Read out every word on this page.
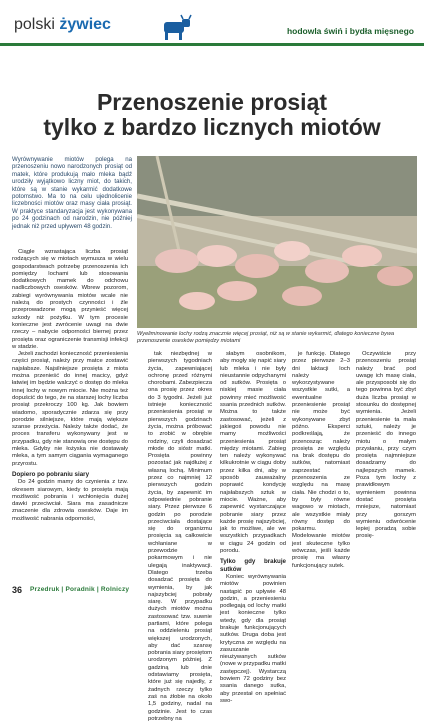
polski żywiec	hodowla świń i bydła mięsnego
Przenoszenie prosiąt
tylko z bardzo licznych miotów
Wyrównywanie miotów polega na przenoszeniu nowo narodzonych prosiąt od matek, które produkują mało mleka bądź urodziły wyjątkowo liczny miot, do takich, które są w stanie wykarmić dodatkowe potomstwo. Ma to na celu ujednolicenie liczebności miotów oraz masy ciała prosiąt. W praktyce standaryzacja jest wykonywana po 24 godzinach od narodzin, nie później jednak niż przed upływem 48 godzin.
Wyeliminowanie lochy rodzą znacznie więcej prosiąt, niż są w stanie wykarmić, dlatego konieczne bywa przenoszenie osesków pomiędzy miotami

Ciągle wzrastająca liczba prosiąt rodzących się w miotach wymusza w wielu gospodarstwach potrzebę przenoszenia ich pomiędzy lochami lub stosowania dodatkowych mamek do odchowu nadliczbowych osesków. Wbrew pozorom, zabiegi wyrównywania miotów wcale nie należą do prostych czynności i źle przeprowadzone mogą przynieść więcej szkody niż pożytku. W tym procesie konieczne jest zwrócenie uwagi na dwie rzeczy – nabycie odporności biernej przez prosięta oraz ograniczenie transmisji infekcji w stadzie.

Jeżeli zachodzi konieczność przeniesienia części prosiąt, należy przy matce zostawić najsłabsze. Najsilniejsze prosięta z miota można przenieść do innej macicy, gdyż łatwiej im będzie walczyć o dostęp do mleka innej lochy w nowym miocie. Nie można też dopuścić do tego, że na starszej lochy liczba prosiąt przekroczy 100 kg. Jak bowiem wiadomo, sporadycznie zdarza się przy porodzie silniejsze, które mają większe szanse przeżycia. Należy także dodać, że proces transferu wykonywany jest w przypadku, gdy nie stanowią one dostępu do mleka. Gdyby nie łożyska nie dostawały mleka, a tym samym ciągania wymaganego przyrostu.

Dopiero po pobraniu siary

Do 24 godzin mamy do czynienia z tzw. okresem siarowym, kiedy to prosięta mają możliwość pobrania i wchłonięcia dużej dawki przeciwciał. Siara ma zasadnicze znaczenie dla zdrowia osesków. Daje im możliwość nabrania odporności,

tak niezbędnej w pierwszych tygodniach życia, zapewniającej ochronę przed różnymi chorobami. Zabezpiecza ona prosię przez okres do 3 tygodni. Jeżeli już istnieje konieczność przeniesienia prosiąt w pierwszych godzinach życia, można próbować to zrobić w obrębie rodziny, czyli dosadzać młode do sióstr matki. Prosięta powinny pozostać jak najdłużej z własną lochą. Minimum przez co najmniej 12 pierwszych godzin życia, by zapewnić im odpowiednie pobranie siary. Przez pierwsze 6 godzin po porodzie przeciwciała dostające się do organizmu prosięcia są całkowicie wchłaniane w przewodzie pokarmowym i nie ulegają inaktywacji. Dlatego trzeba dosadzać prosięta do wymienia, by jak najszybciej pobrały siarę. W przypadku dużych miotów można zastosować tzw. suwnie partiami, które polega na oddzieleniu prosiąt większej urodzonych, aby dać szansę pobrania siary prosiętom urodzonym później. Z gadziną lub dnie odstawiamy prosięta, które już się najedły, z żadnych rzeczy tylko zaś na żłobie na około 1,5 godziny, nadal na godzinie. Jest to czas potrzebny na

słabym osobnikom, aby mogły się napić siary lub mleka i nie były nieustannie odpychanymi od sutków. Prosięta o niskiej masie ciała powinny mieć możliwość ssania przednich sutków. Można to także zastosować, jeżeli z jakiegoś powodu nie mamy możliwości przeniesienia prosiąt między miotami. Zabieg ten należy wykonywać kilkukrotnie w ciągu doby przez kilka dni, aby w sposób zauważalny poprawić kondycję najsłabszych sztuk w miocie. Ważne, aby zapewnić wystarczające pobranie siary przez każde prosię najszybciej, jak to możliwe, ale we wszystkich przypadkach w ciągu 24 godzin od porodu.

Tylko gdy brakuje sutków

Koniec wyrównywania miotów powinien nastąpić po upływie 48 godzin, a przeniesieniu podlegają od lochy matki jest konieczne tylko wtedy, gdy dla prosiąt brakuje funkcjonujących sutków. Druga doba jest krytyczna ze względu na zasuszanie nieużywanych sutków (nowe w przypadku matki zastępczej). Wystarczą bowiem 72 godziny bez ssania danego sutka, aby przestał on spełniać swo-

je funkcję. Dlatego przez pierwsze 2–3 dni laktacji loch należy wykorzystywane wszystkie sutki, a ewentualne przeniesienie prosiąt nie może być wykonywane zbyt późno. Eksperci podkreślają, że przenosząc należy prosięta ze względu na brak dostępu do sutków, natomiast zaprzestać przenoszenia ze względu na masę ciała. Nie chodzi o to, by były równe wagowo w miotach, ale wszystkie miały równy dostęp do pokarmu. Modelowanie miotów jest skuteczne tylko wówczas, jeśli każde prosię ma własny funkcjonujący sutek.

Oczywiście przy przenoszeniu prosiąt należy brać pod uwagę ich masę ciała, ale przysposobi się do tego powinna być zbyt duża liczba prosiąt w stosunku do dostępnej wymienia. Jeżeli przeniesienie ta mała sztuki, należy je przenieść do innego miotu o małym przysłaniu, przy czym prosięta najmniejsze dosadzamy do najlepszych mamek. Poza tym lochy z prawidłowym wymieniem powinna dostać prosięta mniejsze, natomiast przy gorszym wymieniu odwrócenie lepiej poradzą sobie prosię-

36 Przedruk | Poradnik | Rolniczy
